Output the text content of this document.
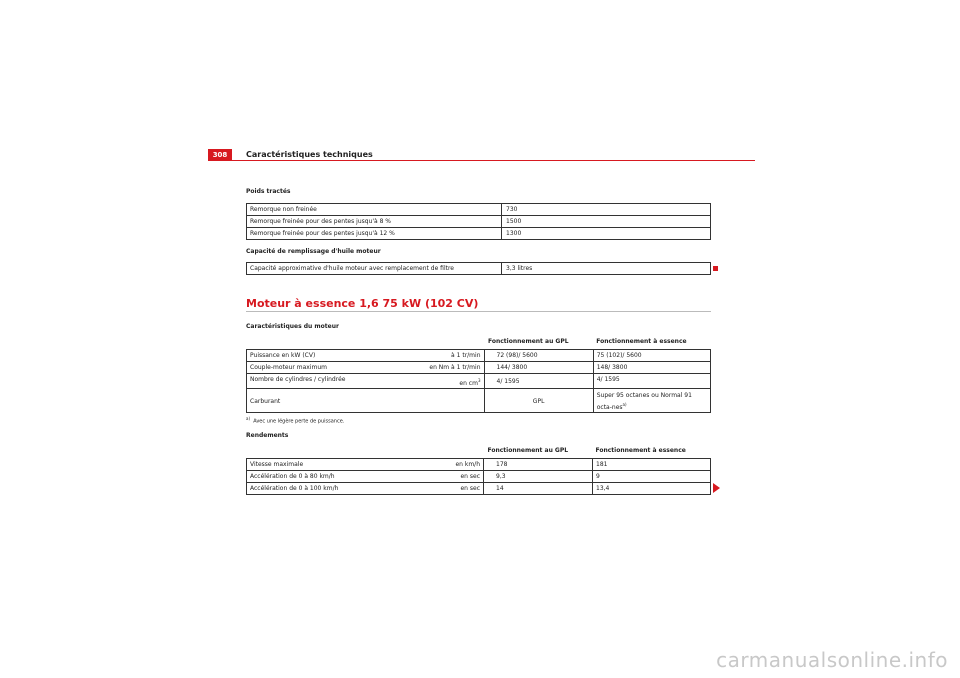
308	Caractéristiques techniques
Poids tractés
Remorque non freinée	730
Remorque freinée pour des pentes jusqu'à 8 %	1500
Remorque freinée pour des pentes jusqu'à 12 %	1300
Capacité de remplissage d'huile moteur
Capacité approximative d'huile moteur avec remplacement de filtre	3,3 litres
Moteur à essence 1,6 75 kW (102 CV)
Caractéristiques du moteur
	Fonctionnement au GPL	Fonctionnement à essence
Puissance en kW (CV) à 1 tr/min	72 (98)/ 5600	75 (102)/ 5600
Couple-moteur maximum en Nm à 1 tr/min	144/ 3800	148/ 3800
Nombre de cylindres / cylindrée
en $cm^3$	4/ 1595	4/ 1595
Carburant	GPL	Super 95 octanes ou Normal 91 octa-nes$^{a)}$
$^{a)}$  Avec une légère perte de puissance.
Rendements
	Fonctionnement au GPL	Fonctionnement à essence
Vitesse maximale en km/h	178	181
Accélération de 0 à 80 km/h en sec	9,3	9
Accélération de 0 à 100 km/h en sec	14	13,4
carmanualsonline.info
